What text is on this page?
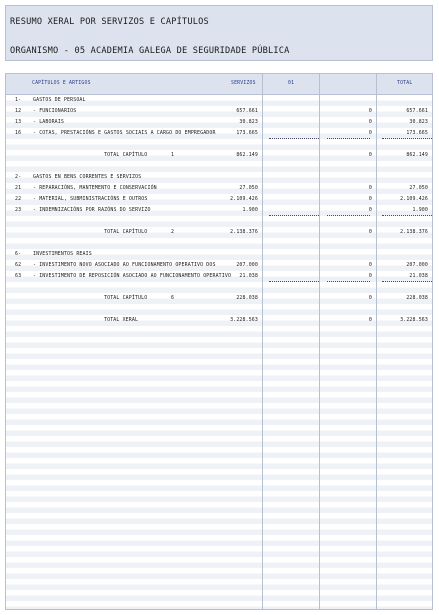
RESUMO XERAL POR SERVIZOS E CAPÍTULOS
ORGANISMO - 05 ACADEMIA GALEGA DE SEGURIDADE PÚBLICA
CAPÍTULOS E ARTIGOS	SERVIZOS	01	TOTAL
1- GASTOS DE PERSOAL
12 - FUNCIONARIOS	657.661	0	657.661
13 - LABORAIS	30.823	0	30.823
16 - COTAS, PRESTACIÓNS E GASTOS SOCIAIS A CARGO DO EMPREGADOR	173.665	0	173.665
TOTAL CAPÍTULO	862.149	0	862.149
1
2- GASTOS EN BENS CORRENTES E SERVIZOS
21 - REPARACIÓNS, MANTEMENTO E CONSERVACIÓN	27.050	0	27.050
22 - MATERIAL, SUBMINISTRACIÓNS E OUTROS	2.109.426	0	2.109.426
23 - INDEMNIZACIÓNS POR RAZÓNS DO SERVIZO	1.900	0	1.900
TOTAL CAPÍTULO	2.138.376	0	2.138.376
2
6- INVESTIMENTOS REAIS
62 - INVESTIMENTO NOVO ASOCIADO AO FUNCIONAMENTO OPERATIVO DOS	207.000	0	207.000
63 - INVESTIMENTO DE REPOSICIÓN ASOCIADO AO FUNCIONAMENTO OPERATIVO	21.038	0	21.038
TOTAL CAPÍTULO	228.038	0	228.038
6
TOTAL XERAL	3.228.563	0	3.228.563
